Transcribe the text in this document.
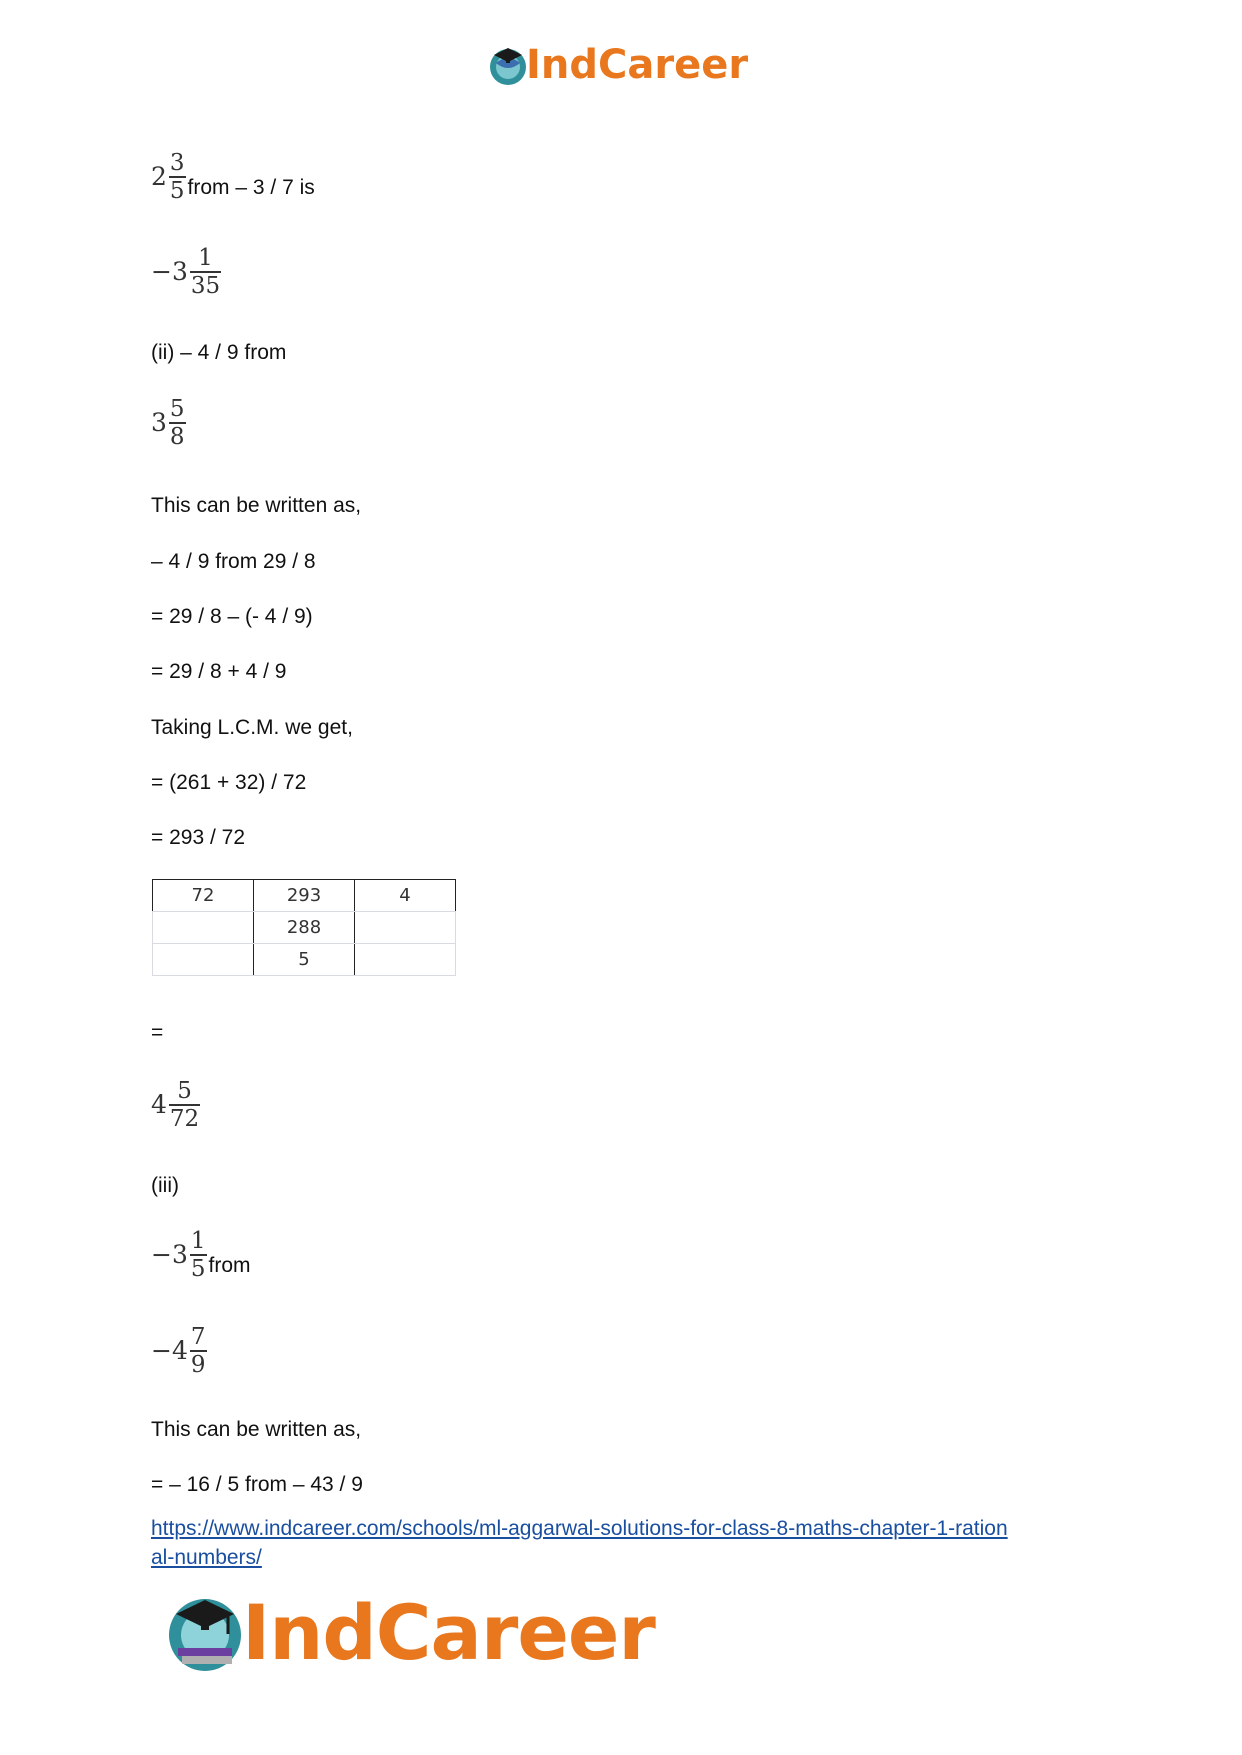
IndCareer
$2 \frac{3}{5}$ from – 3 / 7 is
$-3 \frac{1}{35}$
(ii) – 4 / 9 from
$3 \frac{5}{8}$
This can be written as,
– 4 / 9 from 29 / 8
= 29 / 8 – (- 4 / 9)
= 29 / 8 + 4 / 9
Taking L.C.M. we get,
= (261 + 32) / 72
= 293 / 72
72	293	4
	288	
	5	
=
$4 \frac{5}{72}$
(iii)
$-3 \frac{1}{5}$ from
$-4 \frac{7}{9}$
This can be written as,
= – 16 / 5 from – 43 / 9
https://www.indcareer.com/schools/ml-aggarwal-solutions-for-class-8-maths-chapter-1-ration
al-numbers/
IndCareer
